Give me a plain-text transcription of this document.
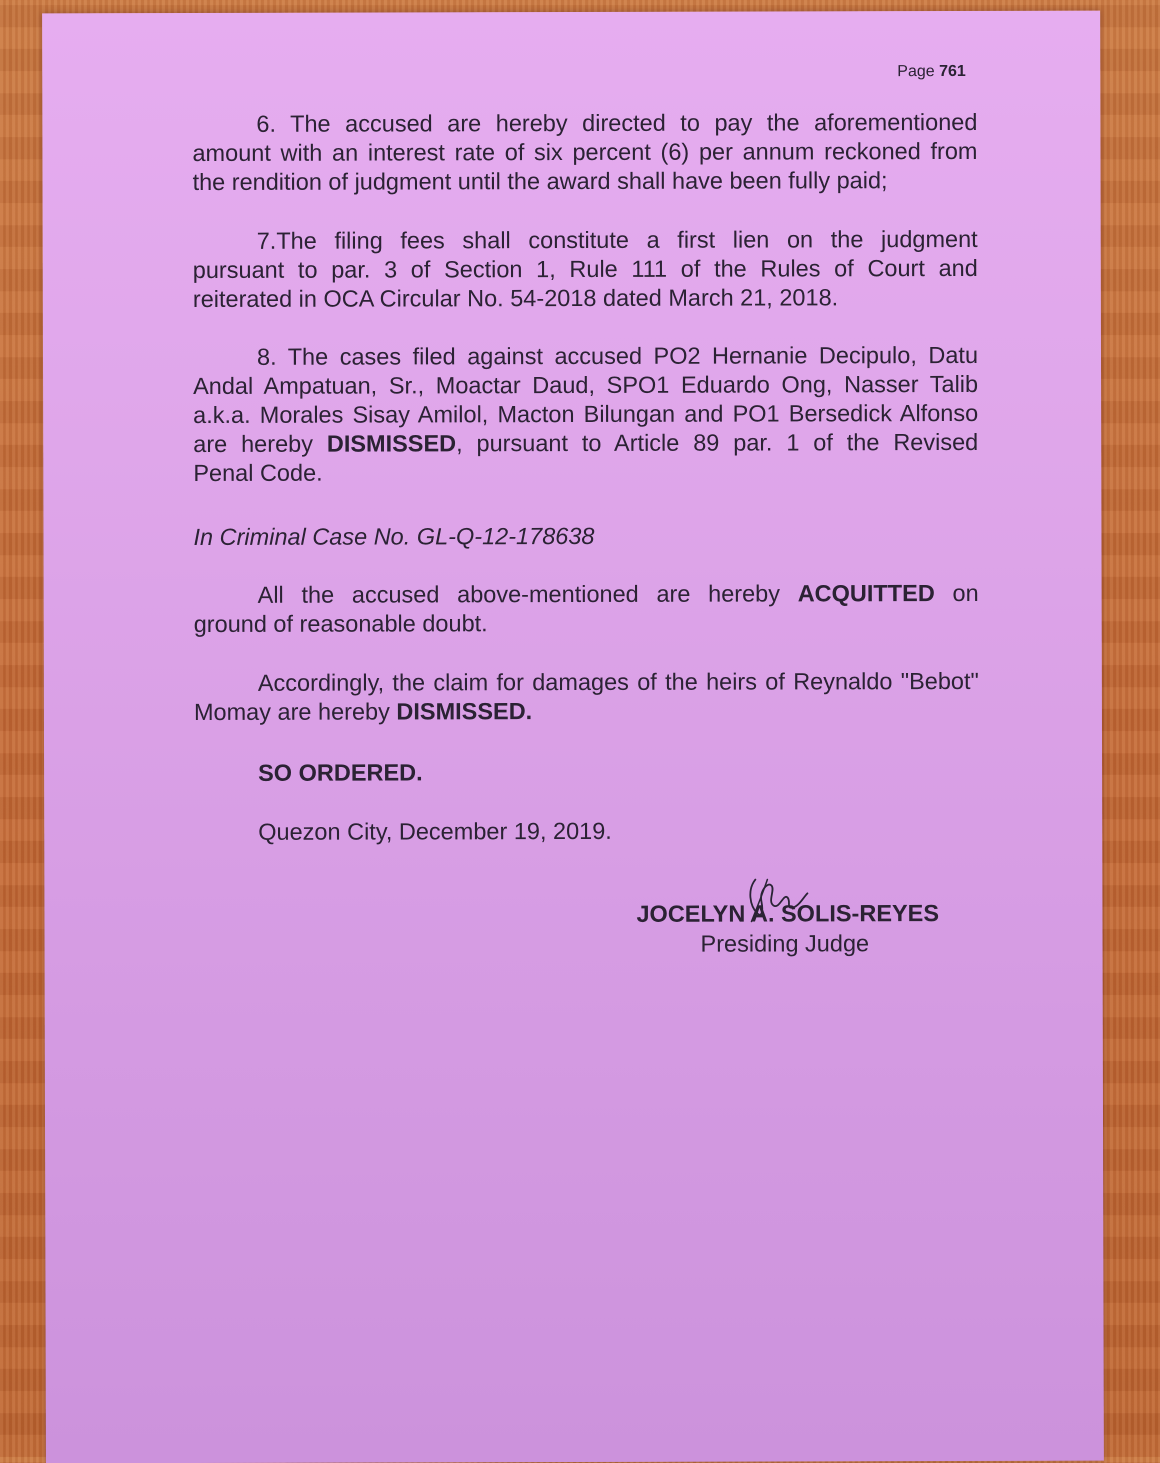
Page 761
6. The accused are hereby directed to pay the aforementioned
amount with an interest rate of six percent (6) per annum reckoned from
the rendition of judgment until the award shall have been fully paid;
7.The filing fees shall constitute a first lien on the judgment
pursuant to par. 3 of Section 1, Rule 111 of the Rules of Court and
reiterated in OCA Circular No. 54-2018 dated March 21, 2018.
8. The cases filed against accused PO2 Hernanie Decipulo, Datu
Andal Ampatuan, Sr., Moactar Daud, SPO1 Eduardo Ong, Nasser Talib
a.k.a. Morales Sisay Amilol, Macton Bilungan and PO1 Bersedick Alfonso
are hereby DISMISSED, pursuant to Article 89 par. 1 of the Revised
Penal Code.
In Criminal Case No. GL-Q-12-178638
All the accused above-mentioned are hereby ACQUITTED on
ground of reasonable doubt.
Accordingly, the claim for damages of the heirs of Reynaldo "Bebot"
Momay are hereby DISMISSED.
SO ORDERED.
Quezon City, December 19, 2019.
JOCELYN A. SOLIS-REYES
Presiding Judge
